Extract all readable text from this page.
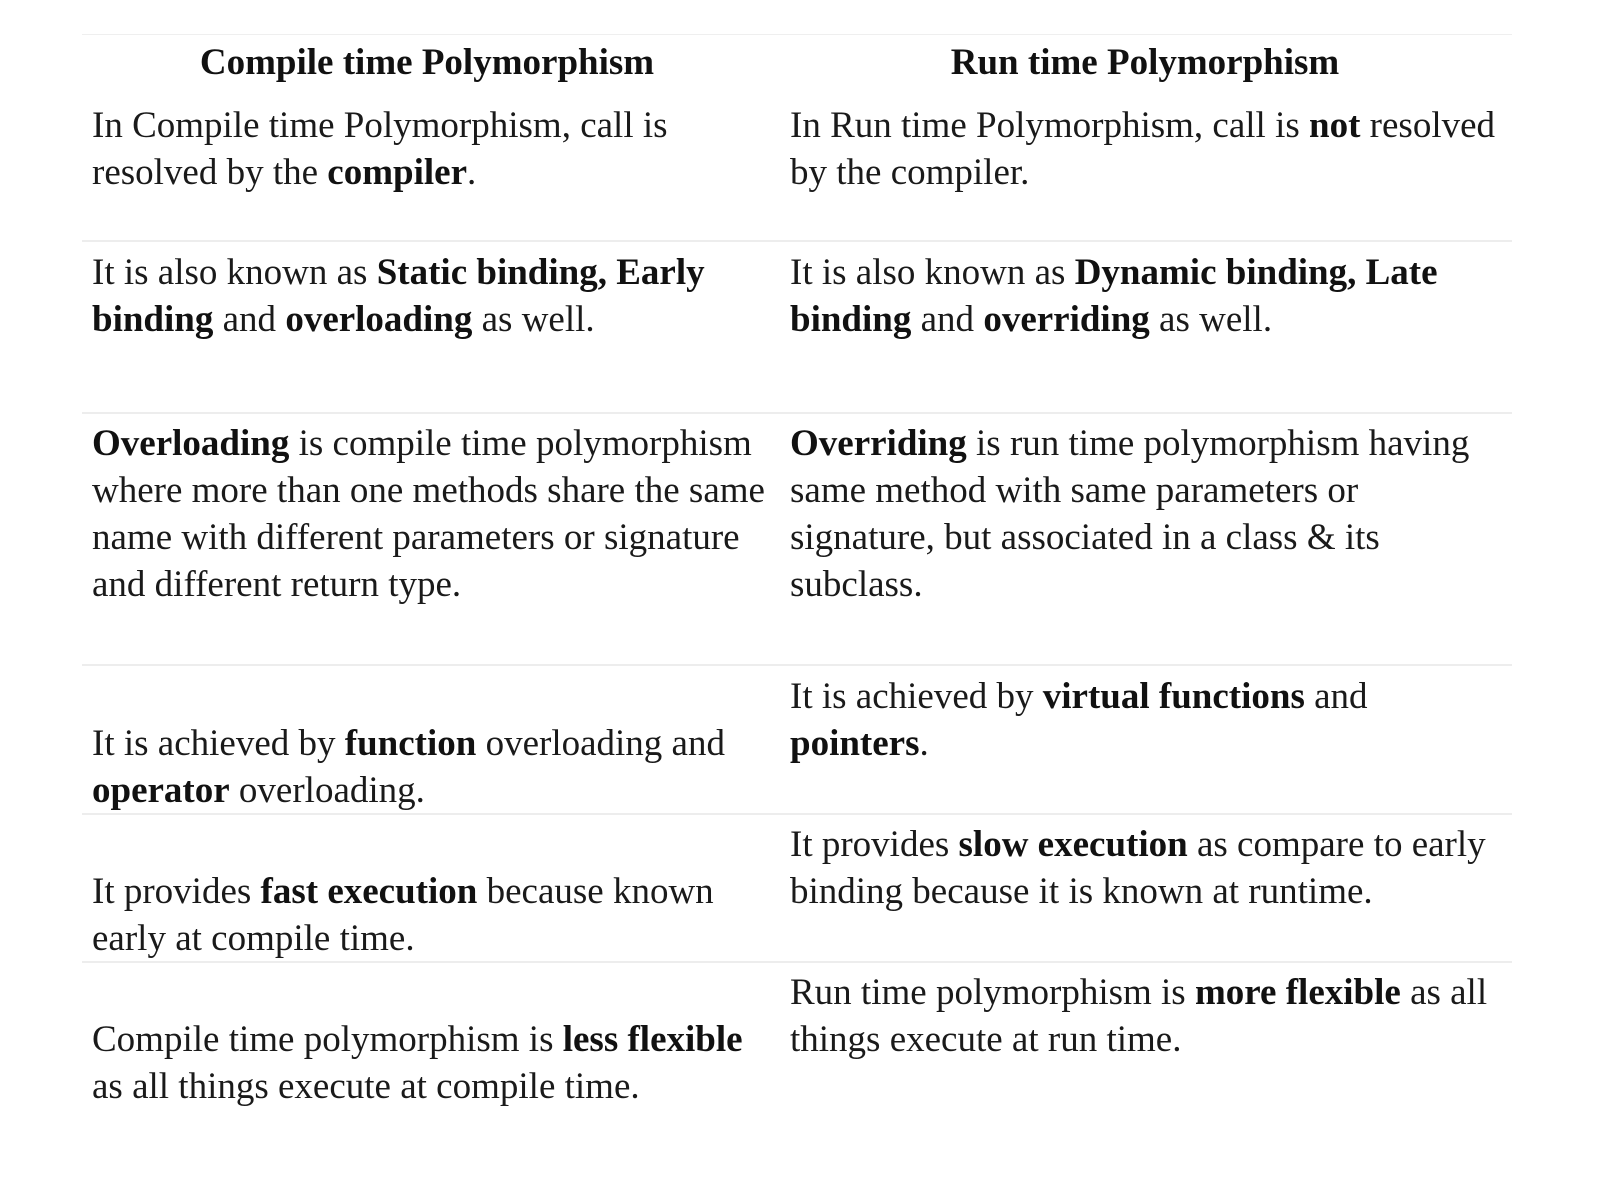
Compile time Polymorphism	Run time Polymorphism
In Compile time Polymorphism, call is resolved by the compiler.
In Run time Polymorphism, call is not resolved by the compiler.
It is also known as Static binding, Early binding and overloading as well.
It is also known as Dynamic binding, Late binding and overriding as well.
Overloading is compile time polymorphism where more than one methods share the same name with different parameters or signature and different return type.
Overriding is run time polymorphism having same method with same parameters or signature, but associated in a class & its subclass.
It is achieved by function overloading and operator overloading.
It is achieved by virtual functions and pointers.
It provides fast execution because known early at compile time.
It provides slow execution as compare to early binding because it is known at runtime.
Compile time polymorphism is less flexible as all things execute at compile time.
Run time polymorphism is more flexible as all things execute at run time.
